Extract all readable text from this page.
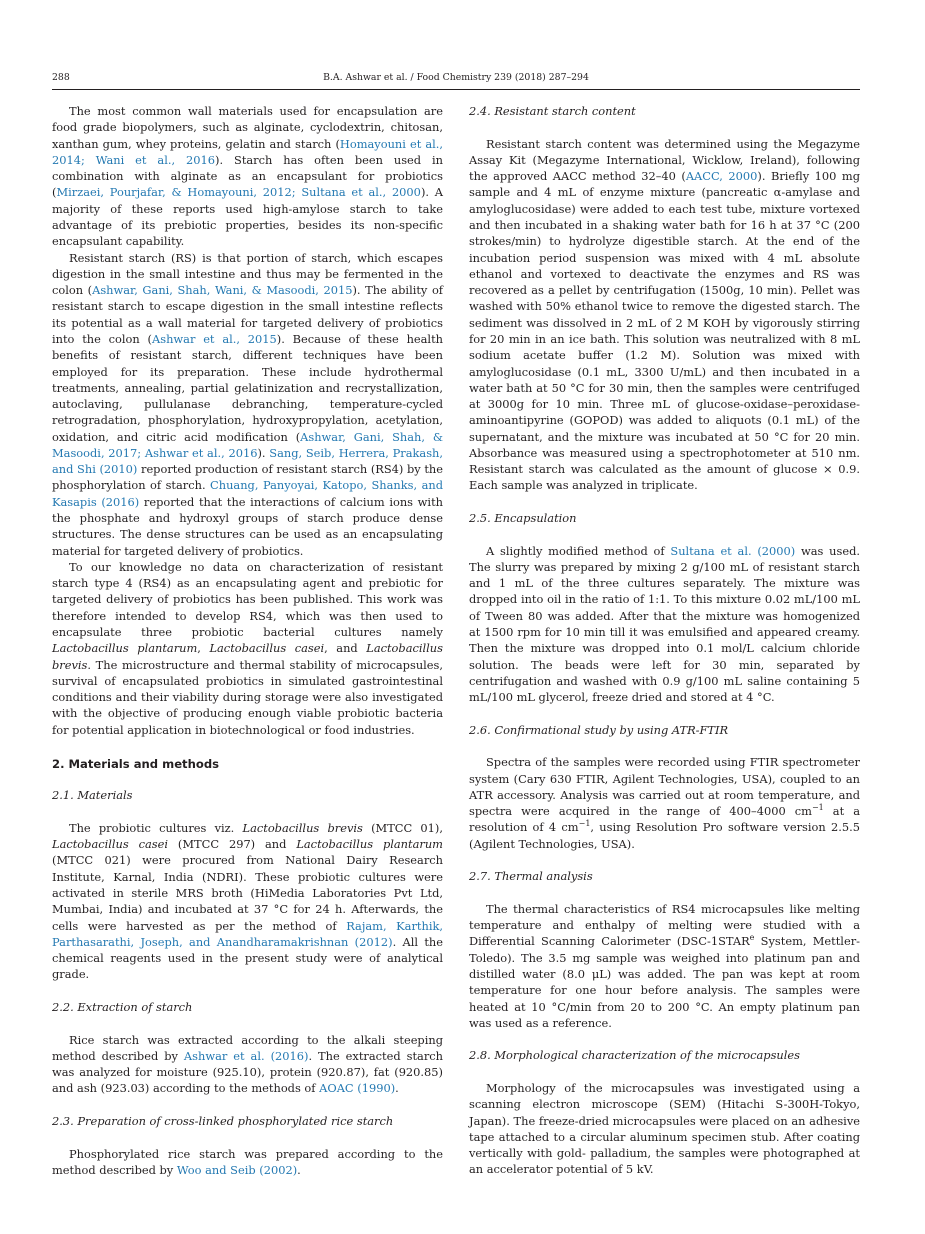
288	B.A. Ashwar et al. / Food Chemistry 239 (2018) 287–294

The most common wall materials used for encapsulation are food grade biopolymers, such as alginate, cyclodextrin, chitosan, xanthan gum, whey proteins, gelatin and starch (Homayouni et al., 2014; Wani et al., 2016). Starch has often been used in combination with alginate as an encapsulant for probiotics (Mirzaei, Pourjafar, & Homayouni, 2012; Sultana et al., 2000). A majority of these reports used high-amylose starch to take advantage of its prebiotic properties, besides its non-specific encapsulant capability.

Resistant starch (RS) is that portion of starch, which escapes digestion in the small intestine and thus may be fermented in the colon (Ashwar, Gani, Shah, Wani, & Masoodi, 2015). The ability of resistant starch to escape digestion in the small intestine reflects its potential as a wall material for targeted delivery of probiotics into the colon (Ashwar et al., 2015). Because of these health benefits of resistant starch, different techniques have been employed for its preparation. These include hydrothermal treatments, annealing, partial gelatinization and recrystallization, autoclaving, pullulanase debranching, temperature-cycled retrogradation, phosphorylation, hydroxypropylation, acetylation, oxidation, and citric acid modification (Ashwar, Gani, Shah, & Masoodi, 2017; Ashwar et al., 2016). Sang, Seib, Herrera, Prakash, and Shi (2010) reported production of resistant starch (RS4) by the phosphorylation of starch. Chuang, Panyoyai, Katopo, Shanks, and Kasapis (2016) reported that the interactions of calcium ions with the phosphate and hydroxyl groups of starch produce dense structures. The dense structures can be used as an encapsulating material for targeted delivery of probiotics.

To our knowledge no data on characterization of resistant starch type 4 (RS4) as an encapsulating agent and prebiotic for targeted delivery of probiotics has been published. This work was therefore intended to develop RS4, which was then used to encapsulate three probiotic bacterial cultures namely Lactobacillus plantarum, Lactobacillus casei, and Lactobacillus brevis. The microstructure and thermal stability of microcapsules, survival of encapsulated probiotics in simulated gastrointestinal conditions and their viability during storage were also investigated with the objective of producing enough viable probiotic bacteria for potential application in biotechnological or food industries.

2. Materials and methods
2.1. Materials

The probiotic cultures viz. Lactobacillus brevis (MTCC 01), Lactobacillus casei (MTCC 297) and Lactobacillus plantarum (MTCC 021) were procured from National Dairy Research Institute, Karnal, India (NDRI). These probiotic cultures were activated in sterile MRS broth (HiMedia Laboratories Pvt Ltd, Mumbai, India) and incubated at 37 °C for 24 h. Afterwards, the cells were harvested as per the method of Rajam, Karthik, Parthasarathi, Joseph, and Anandharamakrishnan (2012). All the chemical reagents used in the present study were of analytical grade.

2.2. Extraction of starch

Rice starch was extracted according to the alkali steeping method described by Ashwar et al. (2016). The extracted starch was analyzed for moisture (925.10), protein (920.87), fat (920.85) and ash (923.03) according to the methods of AOAC (1990).

2.3. Preparation of cross-linked phosphorylated rice starch

Phosphorylated rice starch was prepared according to the method described by Woo and Seib (2002).

2.4. Resistant starch content

Resistant starch content was determined using the Megazyme Assay Kit (Megazyme International, Wicklow, Ireland), following the approved AACC method 32–40 (AACC, 2000). Briefly 100 mg sample and 4 mL of enzyme mixture (pancreatic α-amylase and amyloglucosidase) were added to each test tube, mixture vortexed and then incubated in a shaking water bath for 16 h at 37 °C (200 strokes/min) to hydrolyze digestible starch. At the end of the incubation period suspension was mixed with 4 mL absolute ethanol and vortexed to deactivate the enzymes and RS was recovered as a pellet by centrifugation (1500g, 10 min). Pellet was washed with 50% ethanol twice to remove the digested starch. The sediment was dissolved in 2 mL of 2 M KOH by vigorously stirring for 20 min in an ice bath. This solution was neutralized with 8 mL sodium acetate buffer (1.2 M). Solution was mixed with amyloglucosidase (0.1 mL, 3300 U/mL) and then incubated in a water bath at 50 °C for 30 min, then the samples were centrifuged at 3000g for 10 min. Three mL of glucose-oxidase–peroxidase-aminoantipyrine (GOPOD) was added to aliquots (0.1 mL) of the supernatant, and the mixture was incubated at 50 °C for 20 min. Absorbance was measured using a spectrophotometer at 510 nm. Resistant starch was calculated as the amount of glucose × 0.9. Each sample was analyzed in triplicate.

2.5. Encapsulation

A slightly modified method of Sultana et al. (2000) was used. The slurry was prepared by mixing 2 g/100 mL of resistant starch and 1 mL of the three cultures separately. The mixture was dropped into oil in the ratio of 1:1. To this mixture 0.02 mL/100 mL of Tween 80 was added. After that the mixture was homogenized at 1500 rpm for 10 min till it was emulsified and appeared creamy. Then the mixture was dropped into 0.1 mol/L calcium chloride solution. The beads were left for 30 min, separated by centrifugation and washed with 0.9 g/100 mL saline containing 5 mL/100 mL glycerol, freeze dried and stored at 4 °C.

2.6. Confirmational study by using ATR-FTIR

Spectra of the samples were recorded using FTIR spectrometer system (Cary 630 FTIR, Agilent Technologies, USA), coupled to an ATR accessory. Analysis was carried out at room temperature, and spectra were acquired in the range of 400–4000 $cm^{-1}$ at a resolution of 4 $cm^{-1}$, using Resolution Pro software version 2.5.5 (Agilent Technologies, USA).

2.7. Thermal analysis

The thermal characteristics of RS4 microcapsules like melting temperature and enthalpy of melting were studied with a Differential Scanning Calorimeter (DSC-1STAR$^e$ System, Mettler-Toledo). The 3.5 mg sample was weighed into platinum pan and distilled water (8.0 μL) was added. The pan was kept at room temperature for one hour before analysis. The samples were heated at 10 °C/min from 20 to 200 °C. An empty platinum pan was used as a reference.

2.8. Morphological characterization of the microcapsules

Morphology of the microcapsules was investigated using a scanning electron microscope (SEM) (Hitachi S-300H-Tokyo, Japan). The freeze-dried microcapsules were placed on an adhesive tape attached to a circular aluminum specimen stub. After coating vertically with gold- palladium, the samples were photographed at an accelerator potential of 5 kV.
